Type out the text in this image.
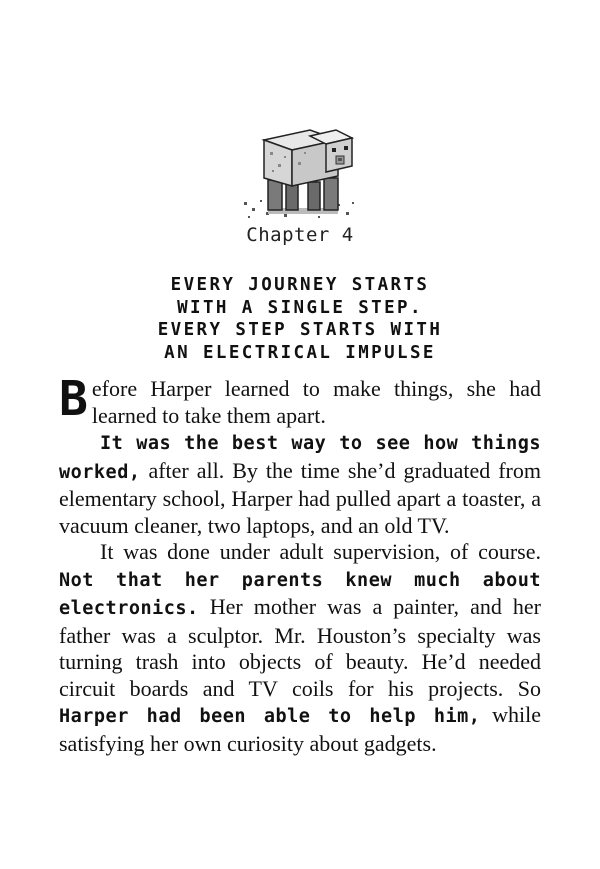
Chapter 4
EVERY JOURNEY STARTS
WITH A SINGLE STEP.
EVERY STEP STARTS WITH
AN ELECTRICAL IMPULSE

Before Harper learned to make things, she had learned to take them apart.

It was the best way to see how things worked, after all. By the time she’d graduated from elementary school, Harper had pulled apart a toaster, a vacuum cleaner, two laptops, and an old TV.

It was done under adult supervision, of course. Not that her parents knew much about electronics. Her mother was a painter, and her father was a sculptor. Mr. Houston’s specialty was turning trash into objects of beauty. He’d needed circuit boards and TV coils for his projects. So Harper had been able to help him, while satisfying her own curiosity about gadgets.
